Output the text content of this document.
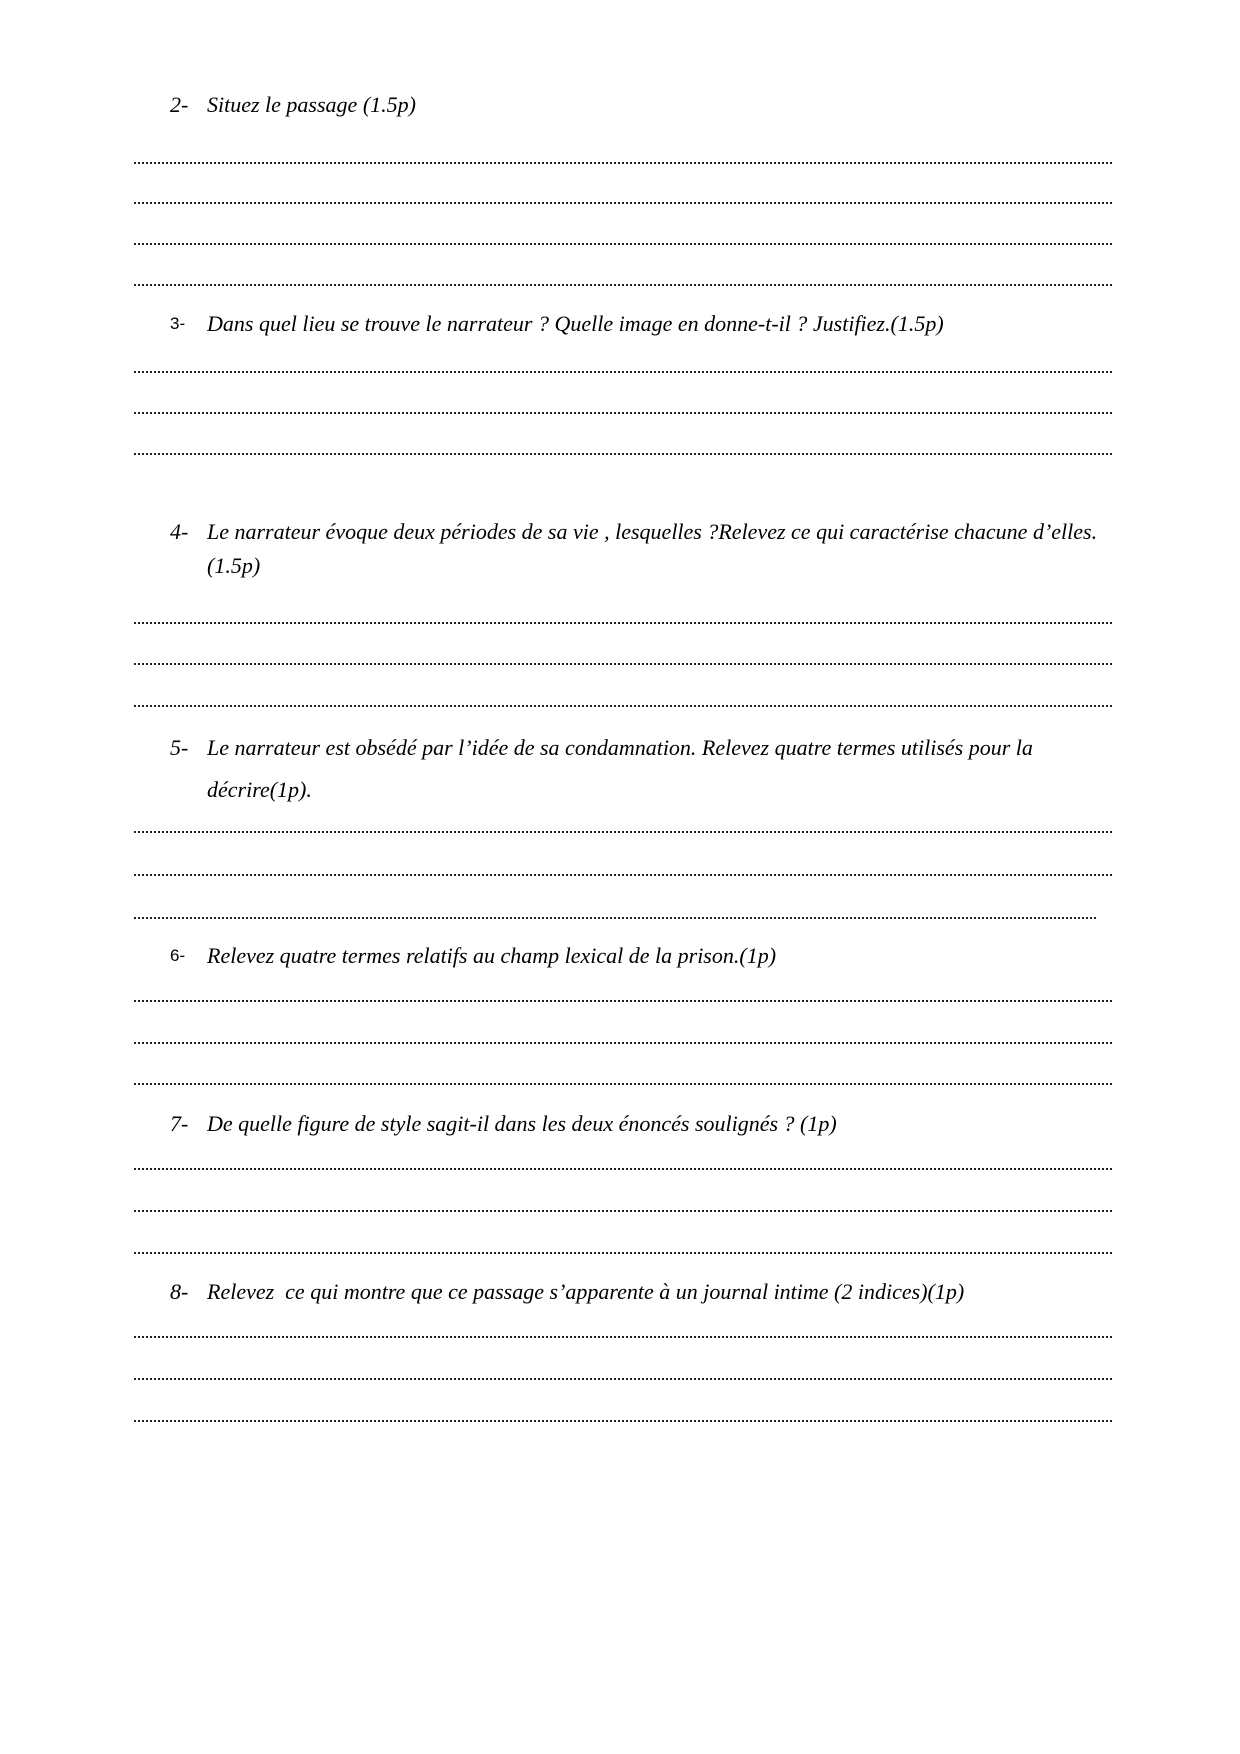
2- Situez le passage (1.5p)
3- Dans quel lieu se trouve le narrateur ? Quelle image en donne-t-il ? Justifiez.(1.5p)
4- Le narrateur évoque deux périodes de sa vie , lesquelles ?Relevez ce qui caractérise chacune d’elles.(1.5p)
5- Le narrateur est obsédé par l’idée de sa condamnation. Relevez quatre termes utilisés pour la décrire(1p).
6- Relevez quatre termes relatifs au champ lexical de la prison.(1p)
7- De quelle figure de style sagit-il dans les deux énoncés soulignés ? (1p)
8- Relevez  ce qui montre que ce passage s’apparente à un journal intime (2 indices)(1p)
